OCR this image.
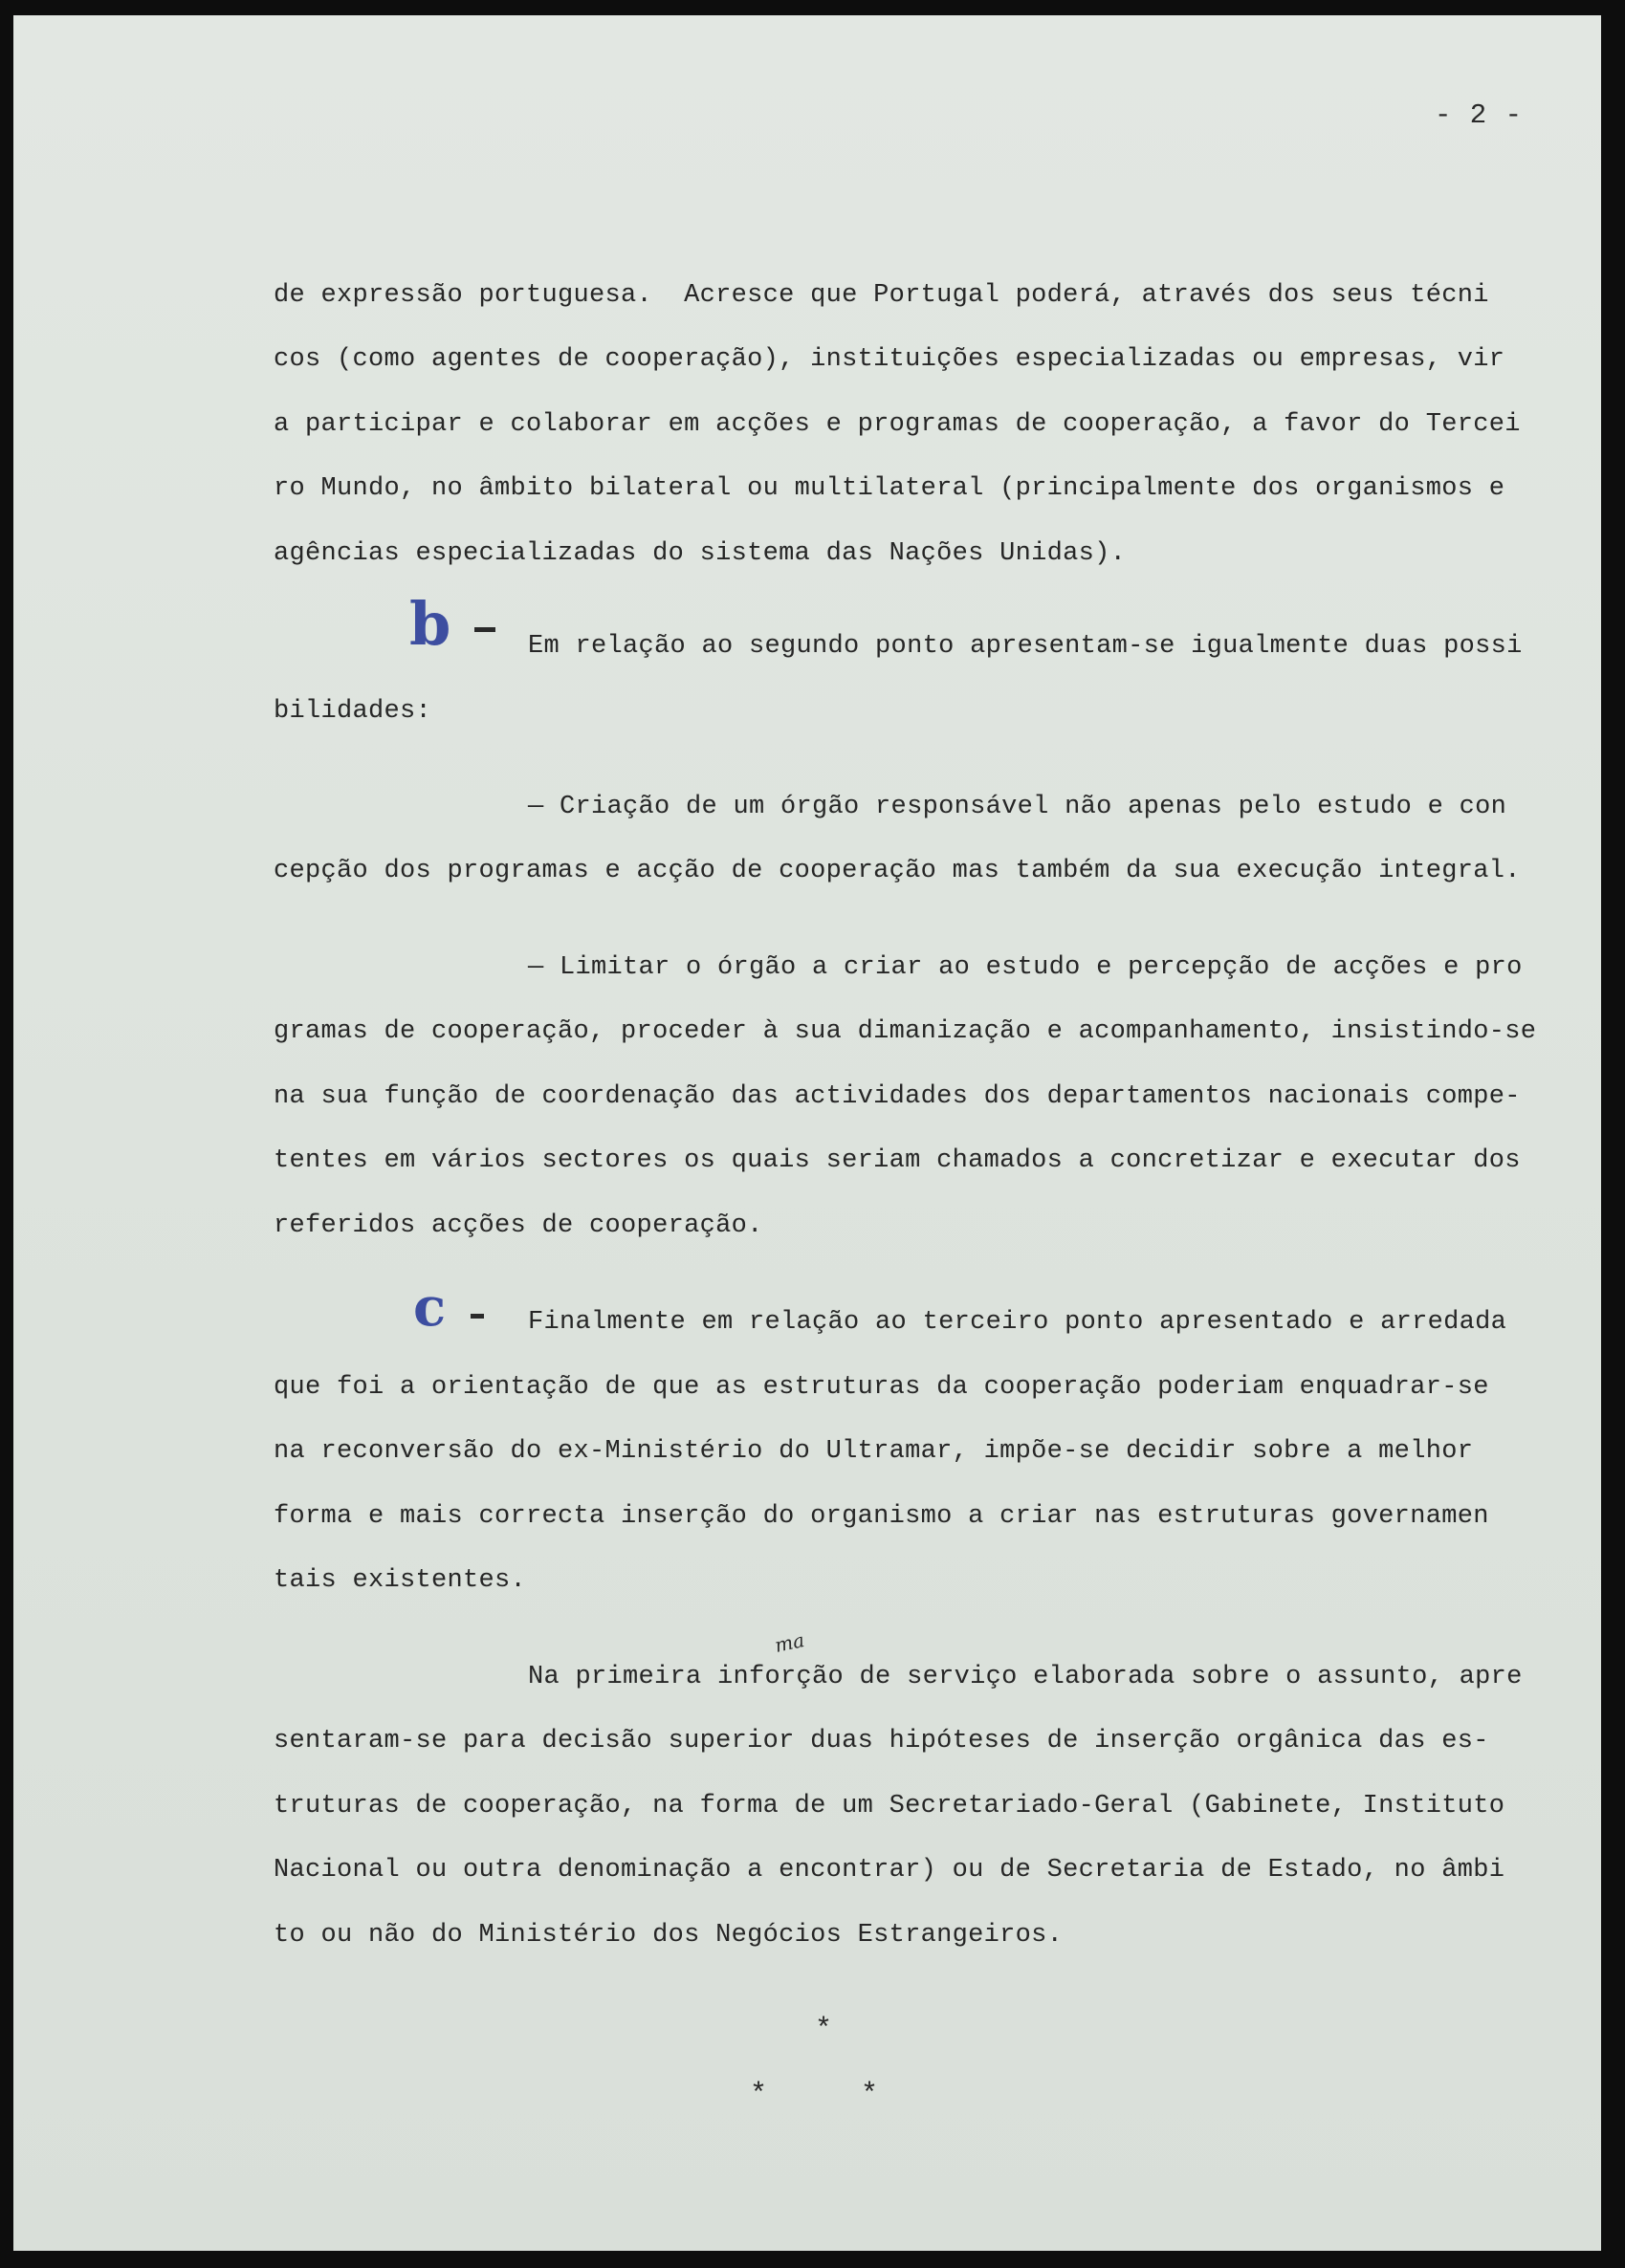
- 2 -
de expressão portuguesa.  Acresce que Portugal poderá, através dos seus técni
cos (como agentes de cooperação), instituições especializadas ou empresas, vir
a participar e colaborar em acções e programas de cooperação, a favor do Tercei
ro Mundo, no âmbito bilateral ou multilateral (principalmente dos organismos e
agências especializadas do sistema das Nações Unidas).
b	Em relação ao segundo ponto apresentam-se igualmente duas possi
bilidades:
— Criação de um órgão responsável não apenas pelo estudo e con
cepção dos programas e acção de cooperação mas também da sua execução integral.
— Limitar o órgão a criar ao estudo e percepção de acções e pro
gramas de cooperação, proceder à sua dimanização e acompanhamento, insistindo-se
na sua função de coordenação das actividades dos departamentos nacionais compe-
tentes em vários sectores os quais seriam chamados a concretizar e executar dos
referidos acções de cooperação.
c	Finalmente em relação ao terceiro ponto apresentado e arredada
que foi a orientação de que as estruturas da cooperação poderiam enquadrar-se
na reconversão do ex-Ministério do Ultramar, impõe-se decidir sobre a melhor
forma e mais correcta inserção do organismo a criar nas estruturas governamen
tais existentes.
ma
Na primeira inforção de serviço elaborada sobre o assunto, apre
sentaram-se para decisão superior duas hipóteses de inserção orgânica das es-
truturas de cooperação, na forma de um Secretariado-Geral (Gabinete, Instituto
Nacional ou outra denominação a encontrar) ou de Secretaria de Estado, no âmbi
to ou não do Ministério dos Negócios Estrangeiros.
*
*	*
